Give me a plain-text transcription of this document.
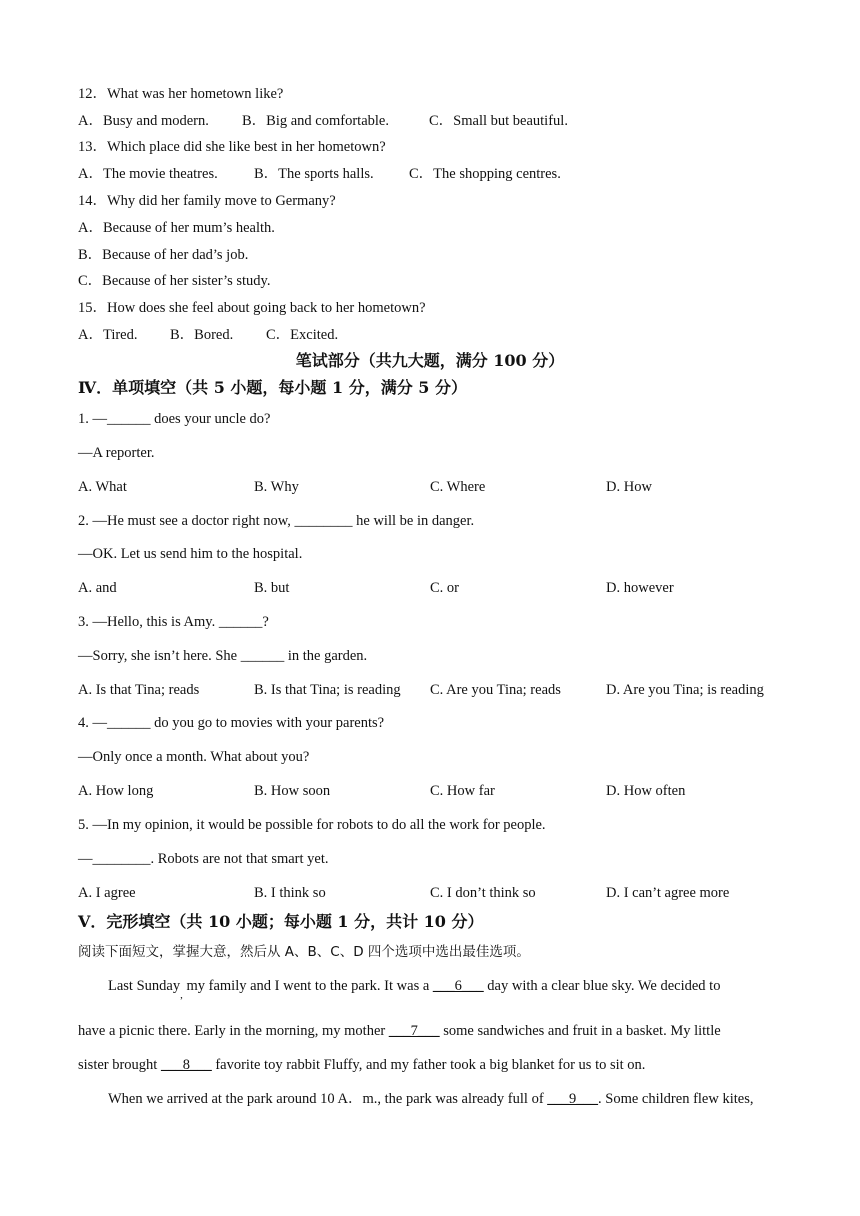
12．What was her hometown like?
A．Busy and modern. B．Big and comfortable.	C．Small but beautiful.
13．Which place did she like best in her hometown?
A．The movie theatres.	B．The sports halls. C．The shopping centres.
14．Why did her family move to Germany?
A．Because of her mum’s health.
B．Because of her dad’s job.
C．Because of her sister’s study.
15．How does she feel about going back to her hometown?
A．Tired. B．Bored. C．Excited.
笔试部分（共九大题，满分 100 分）
Ⅳ．单项填空（共 5 小题，每小题 1 分，满分 5 分）
1. —______ does your uncle do?
—A reporter.
A. What	B. Why	C. Where	D. How
2. —He must see a doctor right now, ________ he will be in danger.
—OK. Let us send him to the hospital.
A. and	B. but	C. or	D. however
3. —Hello, this is Amy. ______?
—Sorry, she isn’t here. She ______ in the garden.
A. Is that Tina; reads	B. Is that Tina; is reading C. Are you Tina; reads	D. Are you Tina; is reading
4. —______ do you go to movies with your parents?
—Only once a month. What about you?
A. How long	B. How soon	C. How far	D. How often
5. —In my opinion, it would be possible for robots to do all the work for people.
—________. Robots are not that smart yet.
A. I agree	B. I think so	C. I don’t think so	D. I can’t agree more
Ⅴ．完形填空（共 10 小题；每小题 1 分，共计 10 分）
阅读下面短文，掌握大意，然后从 A、B、C、D 四个选项中选出最佳选项。
Last Sunday$_,$ my family and I went to the park. It was a ___6___ day with a clear blue sky. We decided to
have a picnic there. Early in the morning, my mother ___7___ some sandwiches and fruit in a basket. My little
sister brought ___8___ favorite toy rabbit Fluffy, and my father took a big blanket for us to sit on.
When we arrived at the park around 10 A．m., the park was already full of ___9___. Some children flew kites,
